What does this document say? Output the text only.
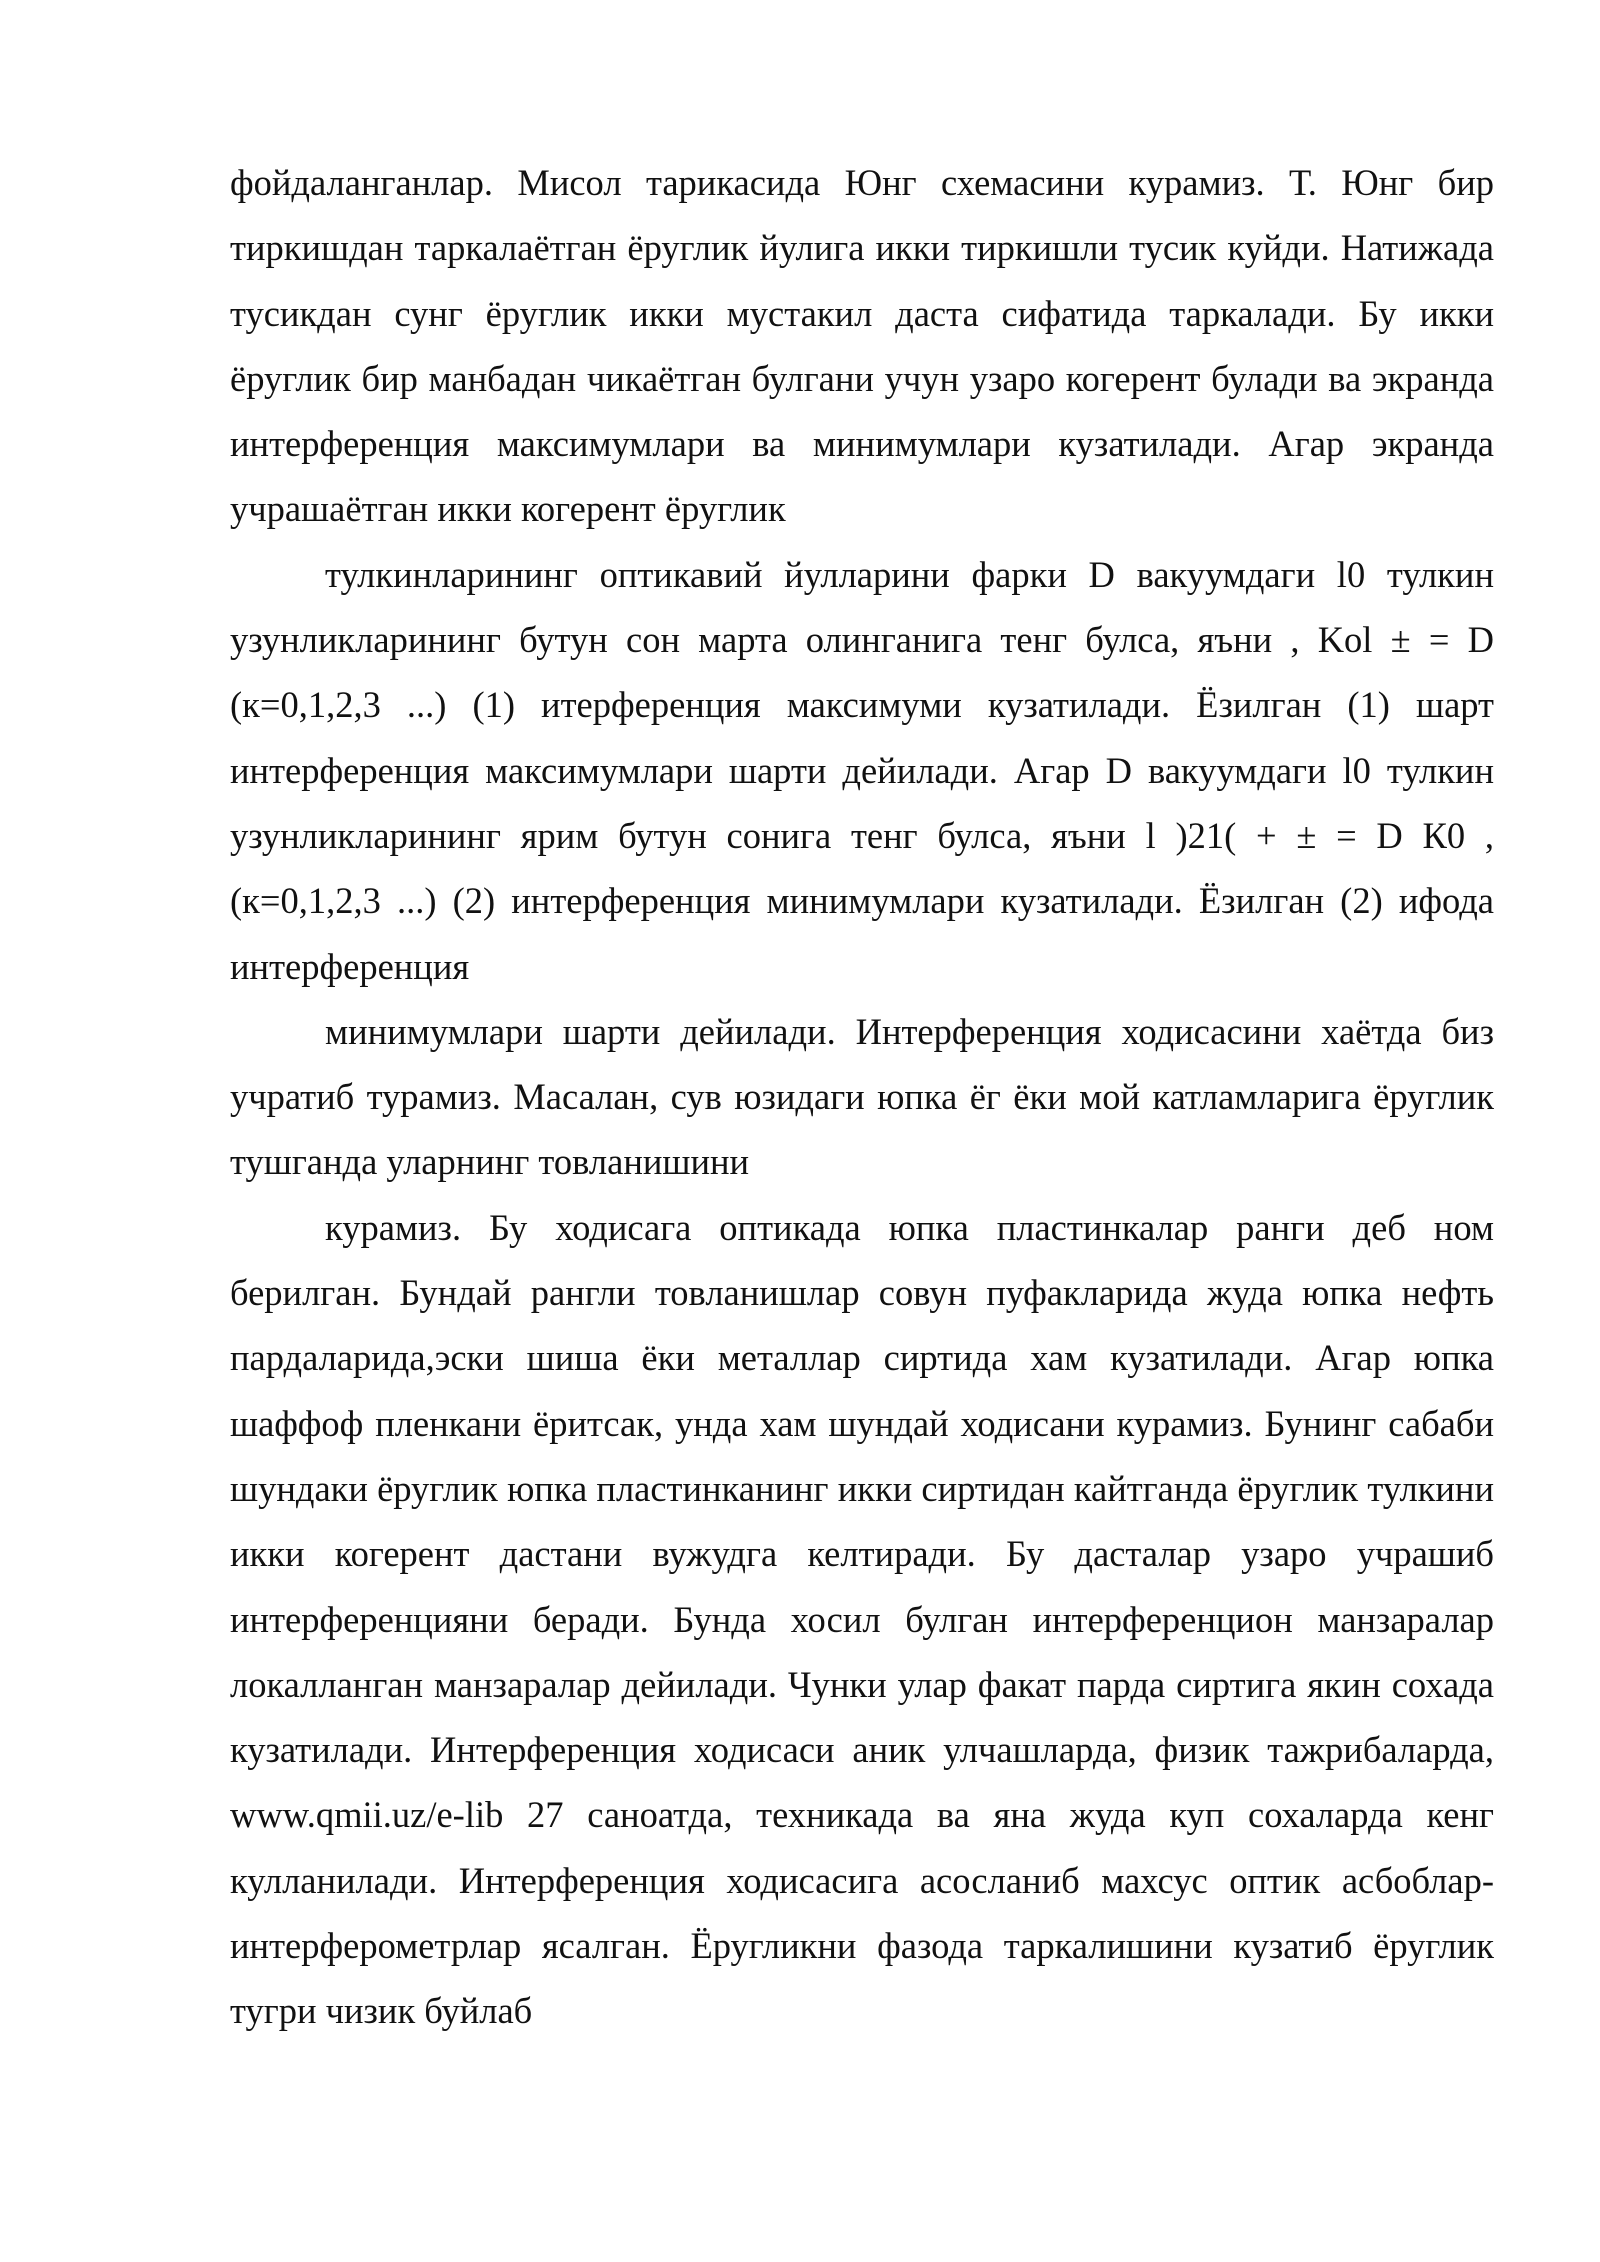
фойдаланганлар. Мисол тарикасида Юнг схемасини курамиз. Т. Юнг бир тиркишдан таркалаётган ёруглик йулига икки тиркишли тусик куйди. Натижада тусикдан сунг ёруглик икки мустакил даста сифатида таркалади. Бу икки ёруглик бир манбадан чикаётган булгани учун узаро когерент булади ва экранда интерференция максимумлари ва минимумлари кузатилади. Агар экранда учрашаётган икки когерент ёруглик

тулкинларининг оптикавий йулларини фарки D вакуумдаги l0 тулкин узунликларининг бутун сон марта олинганига тенг булса, яъни , Kol ± = D (к=0,1,2,3 ...) (1) итерференция максимуми кузатилади. Ёзилган (1) шарт интерференция максимумлари шарти дейилади. Агар D вакуумдаги l0 тулкин узунликларининг ярим бутун сонига тенг булса, яъни l )21( + ± = D К0 , (к=0,1,2,3 ...) (2) интерференция минимумлари кузатилади. Ёзилган (2) ифода интерференция

минимумлари шарти дейилади. Интерференция ходисасини хаётда биз учратиб турамиз. Масалан, сув юзидаги юпка ёг ёки мой катламларига ёруглик тушганда уларнинг товланишини

курамиз. Бу ходисага оптикада юпка пластинкалар ранги деб ном берилган. Бундай рангли товланишлар совун пуфакларида жуда юпка нефть пардаларида,эски шиша ёки металлар сиртида хам кузатилади. Агар юпка шаффоф пленкани ёритсак, унда хам шундай ходисани курамиз. Бунинг сабаби шундаки ёруглик юпка пластинканинг икки сиртидан кайтганда ёруглик тулкини икки когерент дастани вужудга келтиради. Бу дасталар узаро учрашиб интерференцияни беради. Бунда хосил булган интерференцион манзаралар локалланган манзаралар дейилади. Чунки улар факат парда сиртига якин сохада кузатилади. Интерференция ходисаси аник улчашларда, физик тажрибаларда, www.qmii.uz/e-lib 27 саноатда, техникада ва яна жуда куп сохаларда кенг кулланилади. Интерференция ходисасига асосланиб махсус оптик асбоблар-интерферометрлар ясалган. Ёругликни фазода таркалишини кузатиб ёруглик тугри чизик буйлаб
